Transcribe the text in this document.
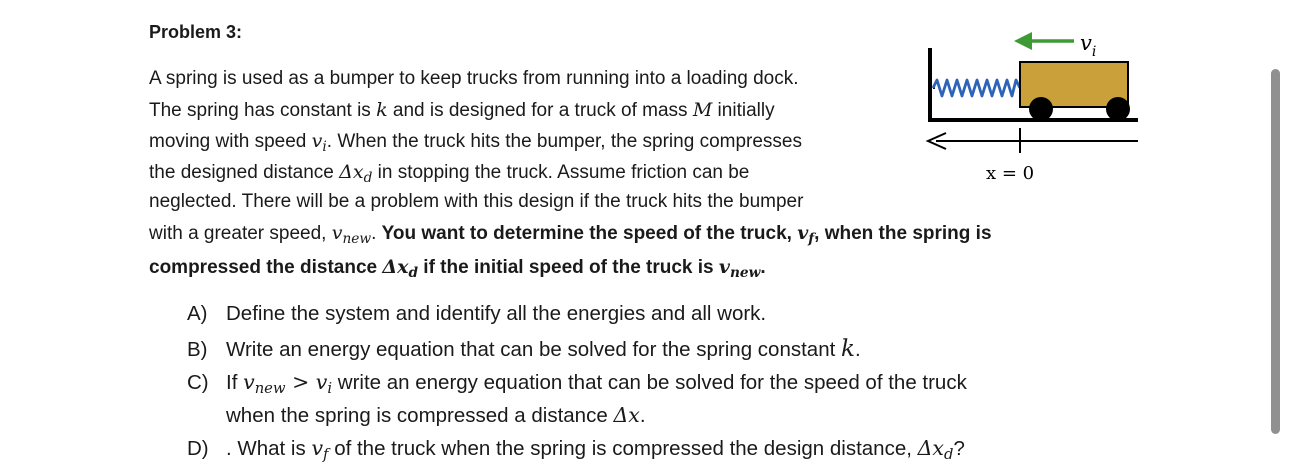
Problem 3:
A spring is used as a bumper to keep trucks from running into a loading dock.
The spring has constant is k and is designed for a truck of mass M initially
moving with speed $v_i$. When the truck hits the bumper, the spring compresses
the designed distance $\Delta x_d$ in stopping the truck. Assume friction can be
neglected. There will be a problem with this design if the truck hits the bumper
with a greater speed, $v_{new}$. You want to determine the speed of the truck, $v_f$, when the spring is
compressed the distance $\Delta x_d$ if the initial speed of the truck is $v_{new}$.
A) Define the system and identify all the energies and all work.
B) Write an energy equation that can be solved for the spring constant k.
C) If $v_{new} > v_i$ write an energy equation that can be solved for the speed of the truck
when the spring is compressed a distance Δx.
D) . What is $v_f$ of the truck when the spring is compressed the design distance, $\Delta x_d$?
$v_i$
x = 0
